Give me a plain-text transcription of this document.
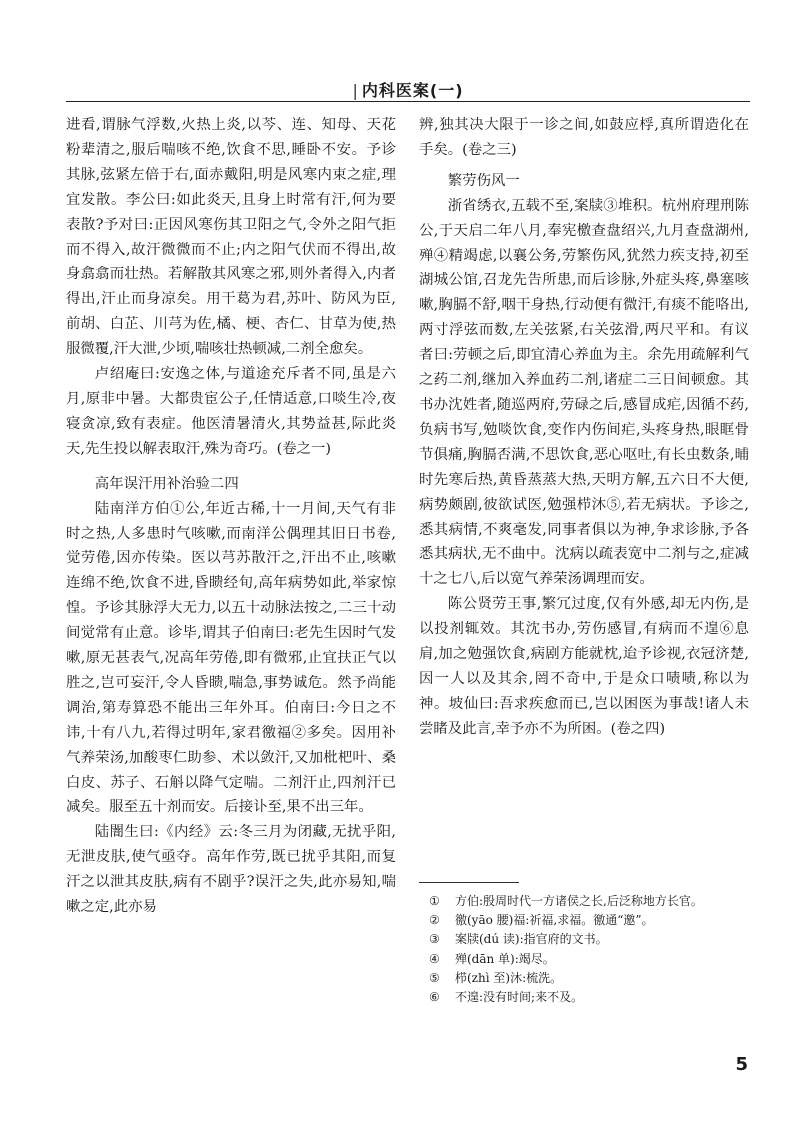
| 内科医案(一)

进看,谓脉气浮数,火热上炎,以芩、连、知母、天花粉辈清之,服后喘咳不绝,饮食不思,睡卧不安。予诊其脉,弦紧左倍于右,面赤戴阳,明是风寒内束之症,理宜发散。李公曰:如此炎天,且身上时常有汗,何为要表散?予对曰:正因风寒伤其卫阳之气,令外之阳气拒而不得入,故汗微微而不止;内之阳气伏而不得出,故身翕翕而壮热。若解散其风寒之邪,则外者得入,内者得出,汗止而身凉矣。用干葛为君,苏叶、防风为臣,前胡、白芷、川芎为佐,橘、梗、杏仁、甘草为使,热服微覆,汗大泄,少顷,喘咳壮热顿减,二剂全愈矣。

卢绍庵曰:安逸之体,与道途充斥者不同,虽是六月,原非中暑。大都贵宦公子,任情适意,口啖生冷,夜寝贪凉,致有表症。他医清暑清火,其势益甚,际此炎天,先生投以解表取汗,殊为奇巧。(卷之一)

高年误汗用补治验二四

陆南洋方伯①公,年近古稀,十一月间,天气有非时之热,人多患时气咳嗽,而南洋公偶理其旧日书卷,觉劳倦,因亦传染。医以芎苏散汗之,汗出不止,咳嗽连绵不绝,饮食不进,昏瞆经旬,高年病势如此,举家惊惶。予诊其脉浮大无力,以五十动脉法按之,二三十动间觉常有止意。诊毕,谓其子伯南曰:老先生因时气发嗽,原无甚表气,况高年劳倦,即有微邪,止宜扶正气以胜之,岂可妄汗,令人昏瞆,喘急,事势诚危。然予尚能调治,第寿算恐不能出三年外耳。伯南曰:今日之不讳,十有八九,若得过明年,家君徼福②多矣。因用补气养荣汤,加酸枣仁助参、术以敛汗,又加枇杷叶、桑白皮、苏子、石斛以降气定喘。二剂汗止,四剂汗已减矣。服至五十剂而安。后接讣至,果不出三年。

陆闇生曰:《内经》云:冬三月为闭藏,无扰乎阳,无泄皮肤,使气亟夺。高年作劳,既已扰乎其阳,而复汗之以泄其皮肤,病有不剧乎?误汗之失,此亦易知,喘嗽之定,此亦易

辨,独其决大限于一诊之间,如鼓应桴,真所谓造化在手矣。(卷之三)

繁劳伤风一

浙省绣衣,五载不至,案牍③堆积。杭州府理刑陈公,于天启二年八月,奉宪檄查盘绍兴,九月查盘湖州,殚④精竭虑,以襄公务,劳繁伤风,犹然力疾支持,初至湖城公馆,召龙先告所患,而后诊脉,外症头疼,鼻塞咳嗽,胸膈不舒,咽干身热,行动便有微汗,有痰不能咯出,两寸浮弦而数,左关弦紧,右关弦滑,两尺平和。有议者曰:劳顿之后,即宜清心养血为主。余先用疏解利气之药二剂,继加入养血药二剂,诸症二三日间顿愈。其书办沈姓者,随巡两府,劳碌之后,感冒成疟,因循不药,负病书写,勉啖饮食,变作内伤间疟,头疼身热,眼眶骨节俱痛,胸膈否满,不思饮食,恶心呕吐,有长虫数条,晡时先寒后热,黄昏蒸蒸大热,天明方解,五六日不大便,病势颇剧,彼欲试医,勉强栉沐⑤,若无病状。予诊之,悉其病情,不爽毫发,同事者俱以为神,争求诊脉,予各悉其病状,无不曲中。沈病以疏表宽中二剂与之,症减十之七八,后以宽气养荣汤调理而安。

陈公贤劳王事,繁冗过度,仅有外感,却无内伤,是以投剂辄效。其沈书办,劳伤感冒,有病而不遑⑥息肩,加之勉强饮食,病剧方能就枕,迨予诊视,衣冠济楚,因一人以及其余,罔不奇中,于是众口啧啧,称以为神。坡仙曰:吾求疾愈而已,岂以困医为事哉!诸人未尝睹及此言,幸予亦不为所困。(卷之四)

①	方伯:殷周时代一方诸侯之长,后泛称地方长官。
②	徼(yāo 腰)福:祈福,求福。徼通“邀”。
③	案牍(dú 读):指官府的文书。
④	殚(dān 单):竭尽。
⑤	栉(zhì 至)沐:梳洗。
⑥	不遑:没有时间;来不及。
5
